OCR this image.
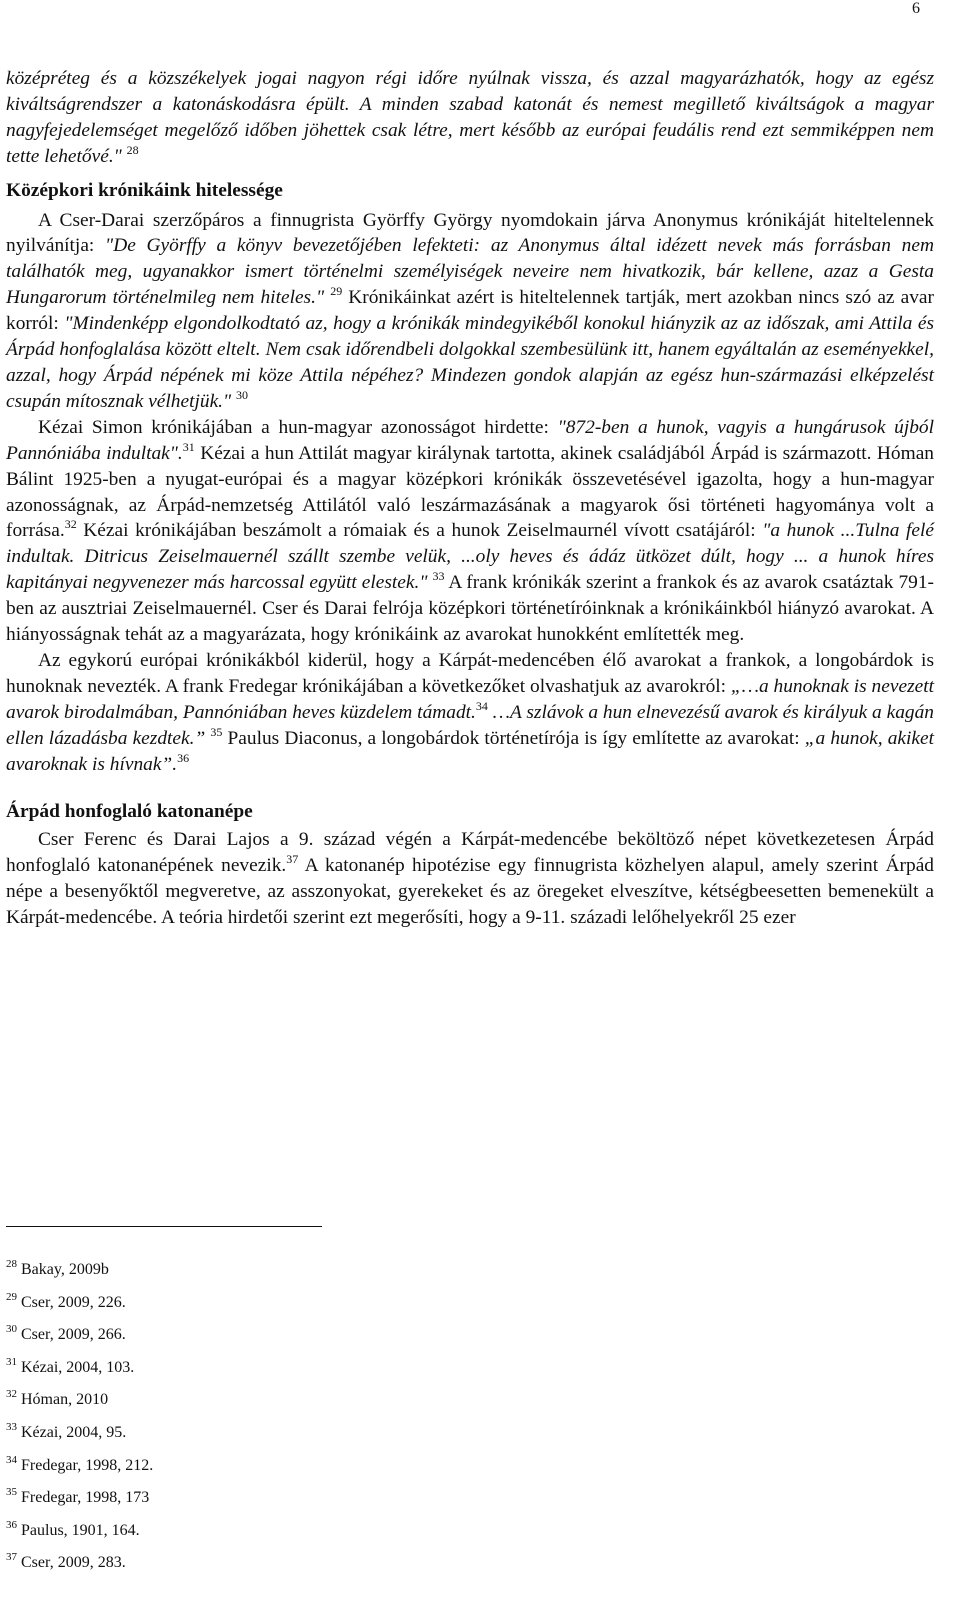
6

középréteg és a közszékelyek jogai nagyon régi időre nyúlnak vissza, és azzal magyarázhatók, hogy az egész kiváltságrendszer a katonáskodásra épült. A minden szabad katonát és nemest megillető kiváltságok a magyar nagyfejedelemséget megelőző időben jöhettek csak létre, mert később az európai feudális rend ezt semmiképpen nem tette lehetővé." $^{28}$

Középkori krónikáink hitelessége

A Cser-Darai szerzőpáros a finnugrista Györffy György nyomdokain járva Anonymus krónikáját hiteltelennek nyilvánítja: "De Györffy a könyv bevezetőjében lefekteti: az Anonymus által idézett nevek más forrásban nem találhatók meg, ugyanakkor ismert történelmi személyiségek neveire nem hivatkozik, bár kellene, azaz a Gesta Hungarorum történelmileg nem hiteles." $^{29}$ Krónikáinkat azért is hiteltelennek tartják, mert azokban nincs szó az avar korról: "Mindenképp elgondolkodtató az, hogy a krónikák mindegyikéből konokul hiányzik az az időszak, ami Attila és Árpád honfoglalása között eltelt. Nem csak időrendbeli dolgokkal szembesülünk itt, hanem egyáltalán az eseményekkel, azzal, hogy Árpád népének mi köze Attila népéhez? Mindezen gondok alapján az egész hun-származási elképzelést csupán mítosznak vélhetjük." $^{30}$

Kézai Simon krónikájában a hun-magyar azonosságot hirdette: "872-ben a hunok, vagyis a hungárusok újból Pannóniába indultak".$^{31}$ Kézai a hun Attilát magyar királynak tartotta, akinek családjából Árpád is származott. Hóman Bálint 1925-ben a nyugat-európai és a magyar középkori krónikák összevetésével igazolta, hogy a hun-magyar azonosságnak, az Árpád-nemzetség Attilától való leszármazásának a magyarok ősi történeti hagyománya volt a forrása.$^{32}$ Kézai krónikájában beszámolt a rómaiak és a hunok Zeiselmaurnél vívott csatájáról: "a hunok ...Tulna felé indultak. Ditricus Zeiselmauernél szállt szembe velük, ...oly heves és ádáz ütközet dúlt, hogy ... a hunok híres kapitányai negyvenezer más harcossal együtt elestek." $^{33}$ A frank krónikák szerint a frankok és az avarok csatáztak 791-ben az ausztriai Zeiselmauernél. Cser és Darai felrója középkori történetíróinknak a krónikáinkból hiányzó avarokat. A hiányosságnak tehát az a magyarázata, hogy krónikáink az avarokat hunokként említették meg.

Az egykorú európai krónikákból kiderül, hogy a Kárpát-medencében élő avarokat a frankok, a longobárdok is hunoknak nevezték. A frank Fredegar krónikájában a következőket olvashatjuk az avarokról: „…a hunoknak is nevezett avarok birodalmában, Pannóniában heves küzdelem támadt.$^{34}$ …A szlávok a hun elnevezésű avarok és királyuk a kagán ellen lázadásba kezdtek.” $^{35}$ Paulus Diaconus, a longobárdok történetírója is így említette az avarokat: „a hunok, akiket avaroknak is hívnak”.$^{36}$

Árpád honfoglaló katonanépe

Cser Ferenc és Darai Lajos a 9. század végén a Kárpát-medencébe beköltöző népet következetesen Árpád honfoglaló katonanépének nevezik.$^{37}$ A katonanép hipotézise egy finnugrista közhelyen alapul, amely szerint Árpád népe a besenyőktől megveretve, az asszonyokat, gyerekeket és az öregeket elveszítve, kétségbeesetten bemenekült a Kárpát-medencébe. A teória hirdetői szerint ezt megerősíti, hogy a 9-11. századi lelőhelyekről 25 ezer

$^{28}$ Bakay, 2009b
$^{29}$ Cser, 2009, 226.
$^{30}$ Cser, 2009, 266.
$^{31}$ Kézai, 2004, 103.
$^{32}$ Hóman, 2010
$^{33}$ Kézai, 2004, 95.
$^{34}$ Fredegar, 1998, 212.
$^{35}$ Fredegar, 1998, 173
$^{36}$ Paulus, 1901, 164.
$^{37}$ Cser, 2009, 283.
